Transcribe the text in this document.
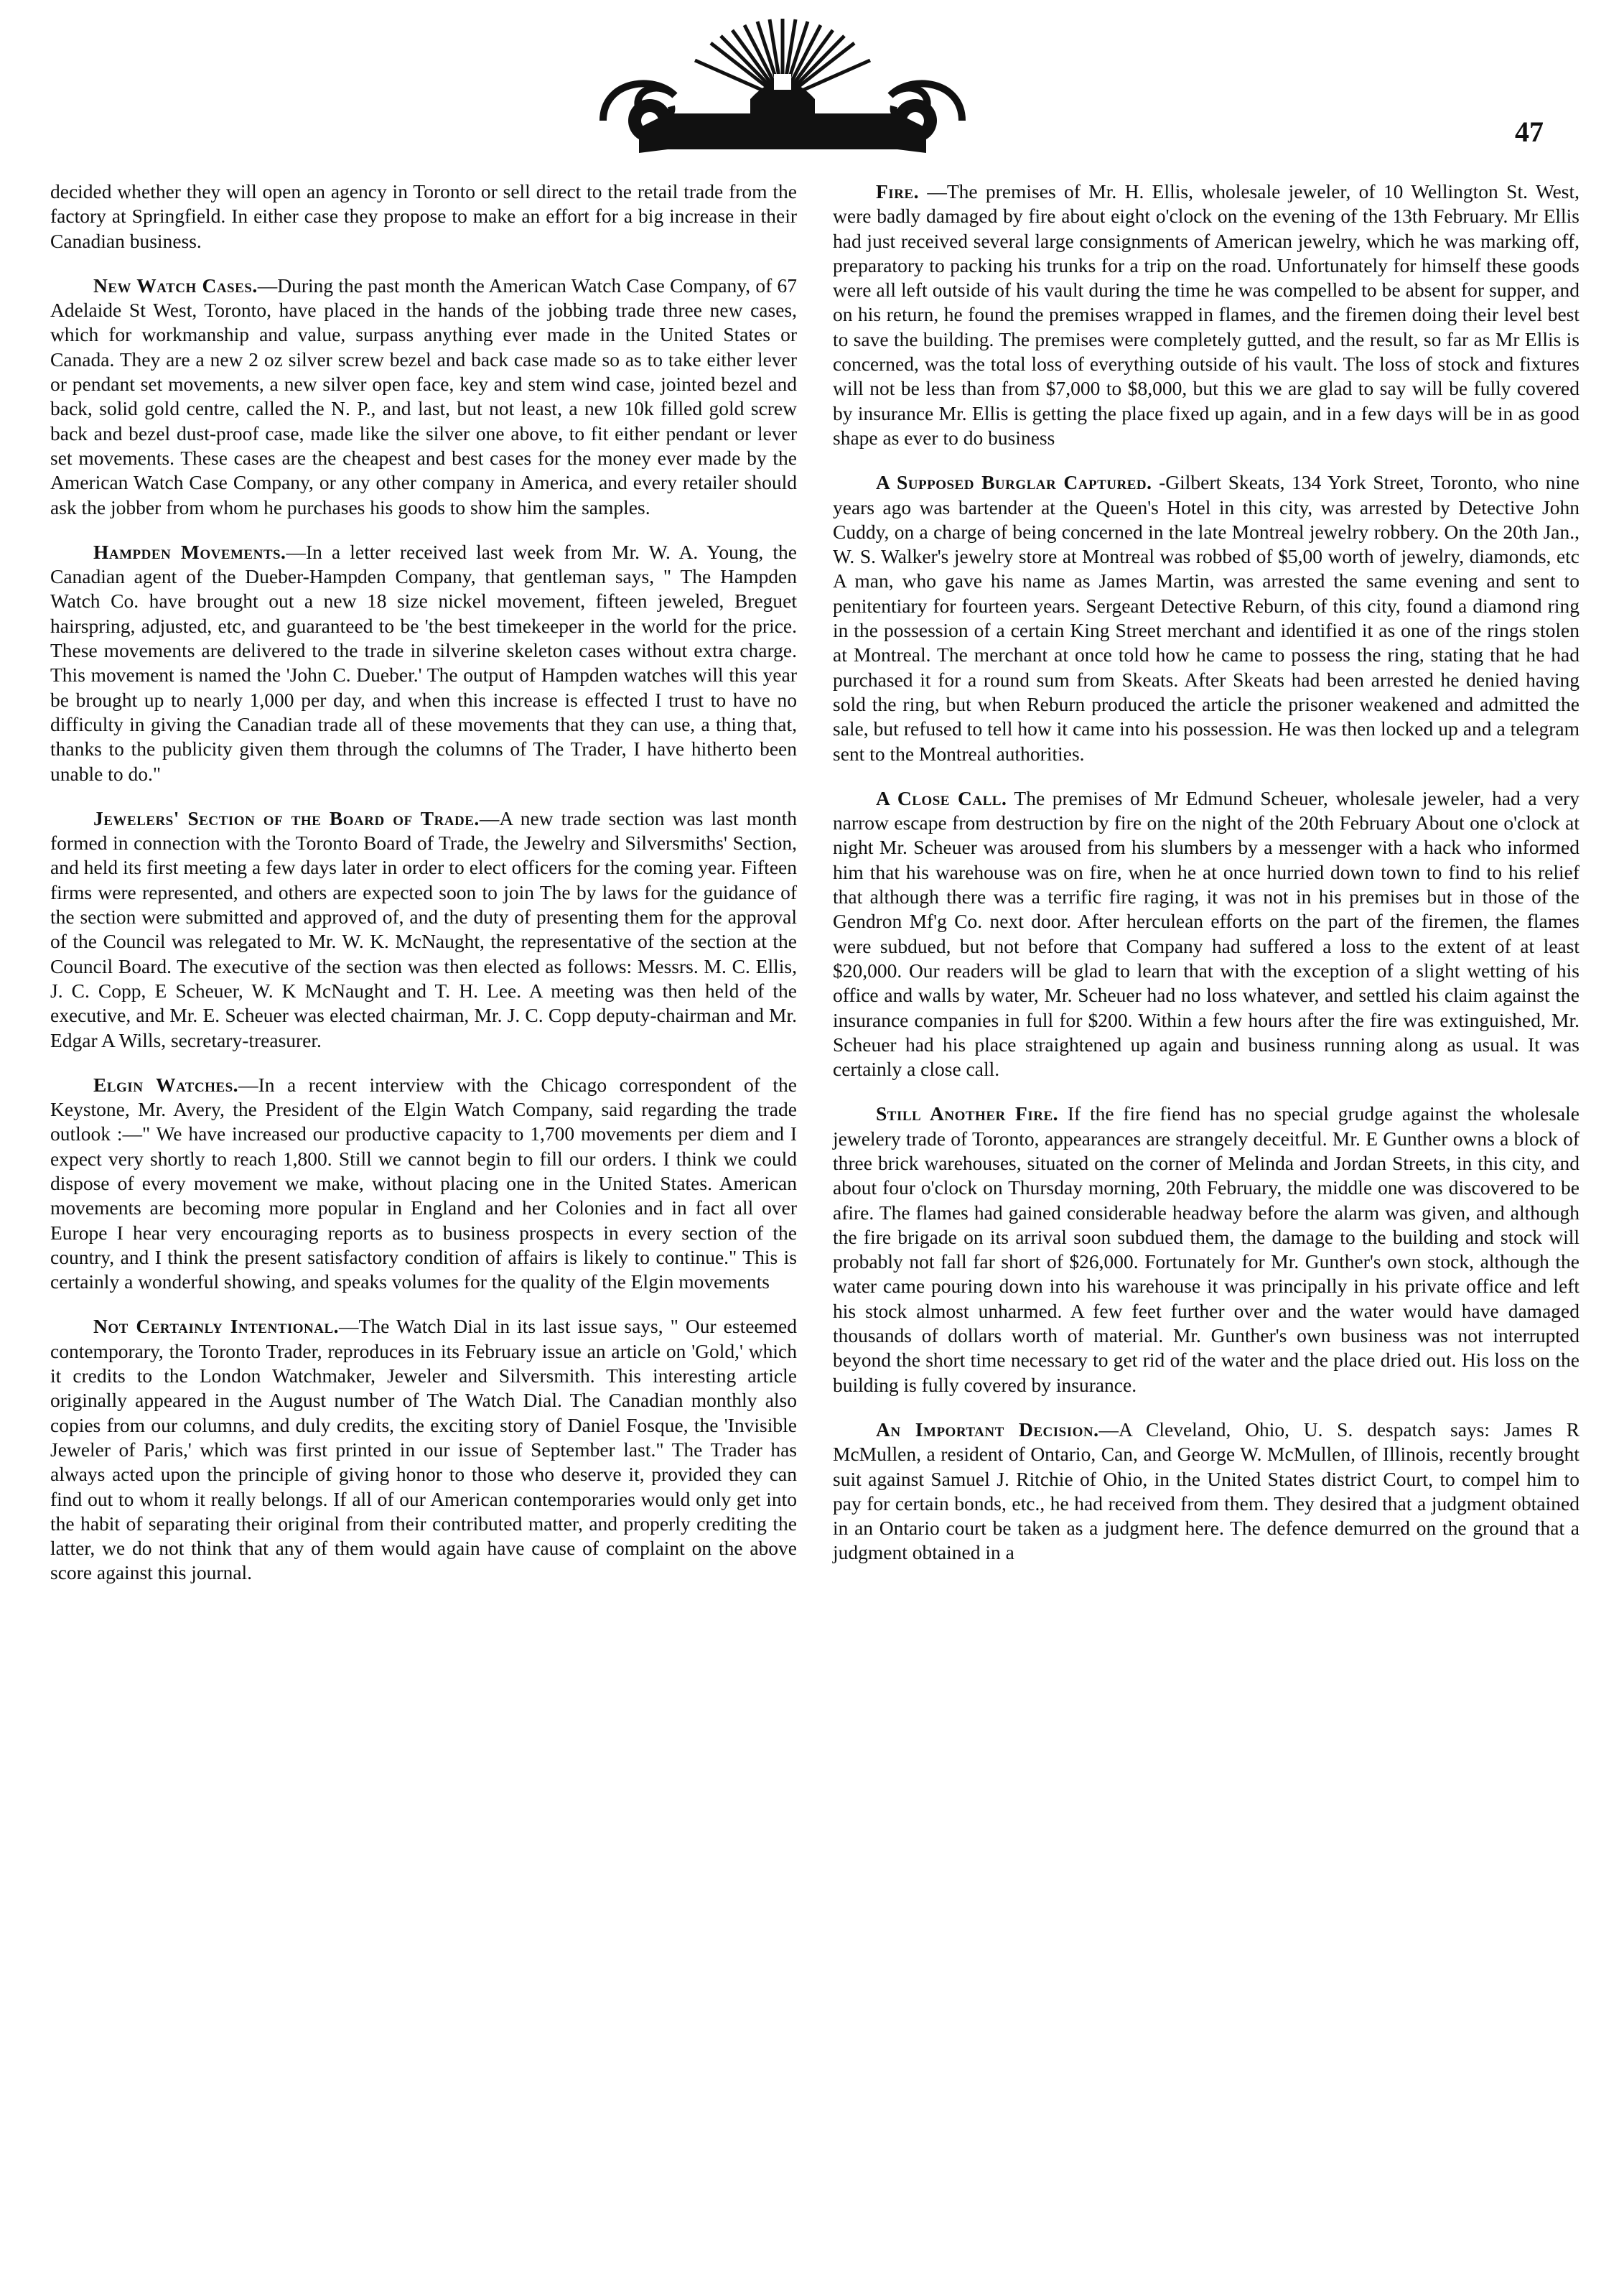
47

decided whether they will open an agency in Toronto or sell direct to the retail trade from the factory at Springfield. In either case they propose to make an effort for a big increase in their Canadian business.

New Watch Cases.—During the past month the American Watch Case Company, of 67 Adelaide St West, Toronto, have placed in the hands of the jobbing trade three new cases, which for workmanship and value, surpass anything ever made in the United States or Canada. They are a new 2 oz silver screw bezel and back case made so as to take either lever or pendant set movements, a new silver open face, key and stem wind case, jointed bezel and back, solid gold centre, called the N. P., and last, but not least, a new 10k filled gold screw back and bezel dust-proof case, made like the silver one above, to fit either pendant or lever set movements. These cases are the cheapest and best cases for the money ever made by the American Watch Case Company, or any other company in America, and every retailer should ask the jobber from whom he purchases his goods to show him the samples.

Hampden Movements.—In a letter received last week from Mr. W. A. Young, the Canadian agent of the Dueber-Hampden Company, that gentleman says, " The Hampden Watch Co. have brought out a new 18 size nickel movement, fifteen jeweled, Breguet hairspring, adjusted, etc, and guaranteed to be 'the best timekeeper in the world for the price. These movements are delivered to the trade in silverine skeleton cases without extra charge. This movement is named the 'John C. Dueber.' The output of Hampden watches will this year be brought up to nearly 1,000 per day, and when this increase is effected I trust to have no difficulty in giving the Canadian trade all of these movements that they can use, a thing that, thanks to the publicity given them through the columns of The Trader, I have hitherto been unable to do."

Jewelers' Section of the Board of Trade.—A new trade section was last month formed in connection with the Toronto Board of Trade, the Jewelry and Silversmiths' Section, and held its first meeting a few days later in order to elect officers for the coming year. Fifteen firms were represented, and others are expected soon to join The by laws for the guidance of the section were submitted and approved of, and the duty of presenting them for the approval of the Council was relegated to Mr. W. K. McNaught, the representative of the section at the Council Board. The executive of the section was then elected as follows: Messrs. M. C. Ellis, J. C. Copp, E Scheuer, W. K McNaught and T. H. Lee. A meeting was then held of the executive, and Mr. E. Scheuer was elected chairman, Mr. J. C. Copp deputy-chairman and Mr. Edgar A Wills, secretary-treasurer.

Elgin Watches.—In a recent interview with the Chicago correspondent of the Keystone, Mr. Avery, the President of the Elgin Watch Company, said regarding the trade outlook :—" We have increased our productive capacity to 1,700 movements per diem and I expect very shortly to reach 1,800. Still we cannot begin to fill our orders. I think we could dispose of every movement we make, without placing one in the United States. American movements are becoming more popular in England and her Colonies and in fact all over Europe I hear very encouraging reports as to business prospects in every section of the country, and I think the present satisfactory condition of affairs is likely to continue." This is certainly a wonderful showing, and speaks volumes for the quality of the Elgin movements

Not Certainly Intentional.—The Watch Dial in its last issue says, " Our esteemed contemporary, the Toronto Trader, reproduces in its February issue an article on 'Gold,' which it credits to the London Watchmaker, Jeweler and Silversmith. This interesting article originally appeared in the August number of The Watch Dial. The Canadian monthly also copies from our columns, and duly credits, the exciting story of Daniel Fosque, the 'Invisible Jeweler of Paris,' which was first printed in our issue of September last." The Trader has always acted upon the principle of giving honor to those who deserve it, provided they can find out to whom it really belongs. If all of our American contemporaries would only get into the habit of separating their original from their contributed matter, and properly crediting the latter, we do not think that any of them would again have cause of complaint on the above score against this journal.

Fire. —The premises of Mr. H. Ellis, wholesale jeweler, of 10 Wellington St. West, were badly damaged by fire about eight o'clock on the evening of the 13th February. Mr Ellis had just received several large consignments of American jewelry, which he was marking off, preparatory to packing his trunks for a trip on the road. Unfortunately for himself these goods were all left outside of his vault during the time he was compelled to be absent for supper, and on his return, he found the premises wrapped in flames, and the firemen doing their level best to save the building. The premises were completely gutted, and the result, so far as Mr Ellis is concerned, was the total loss of everything outside of his vault. The loss of stock and fixtures will not be less than from $7,000 to $8,000, but this we are glad to say will be fully covered by insurance Mr. Ellis is getting the place fixed up again, and in a few days will be in as good shape as ever to do business

A Supposed Burglar Captured. -Gilbert Skeats, 134 York Street, Toronto, who nine years ago was bartender at the Queen's Hotel in this city, was arrested by Detective John Cuddy, on a charge of being concerned in the late Montreal jewelry robbery. On the 20th Jan., W. S. Walker's jewelry store at Montreal was robbed of $5,00 worth of jewelry, diamonds, etc A man, who gave his name as James Martin, was arrested the same evening and sent to penitentiary for fourteen years. Sergeant Detective Reburn, of this city, found a diamond ring in the possession of a certain King Street merchant and identified it as one of the rings stolen at Montreal. The merchant at once told how he came to possess the ring, stating that he had purchased it for a round sum from Skeats. After Skeats had been arrested he denied having sold the ring, but when Reburn produced the article the prisoner weakened and admitted the sale, but refused to tell how it came into his possession. He was then locked up and a telegram sent to the Montreal authorities.

A Close Call. The premises of Mr Edmund Scheuer, wholesale jeweler, had a very narrow escape from destruction by fire on the night of the 20th February About one o'clock at night Mr. Scheuer was aroused from his slumbers by a messenger with a hack who informed him that his warehouse was on fire, when he at once hurried down town to find to his relief that although there was a terrific fire raging, it was not in his premises but in those of the Gendron Mf'g Co. next door. After herculean efforts on the part of the firemen, the flames were subdued, but not before that Company had suffered a loss to the extent of at least $20,000. Our readers will be glad to learn that with the exception of a slight wetting of his office and walls by water, Mr. Scheuer had no loss whatever, and settled his claim against the insurance companies in full for $200. Within a few hours after the fire was extinguished, Mr. Scheuer had his place straightened up again and business running along as usual. It was certainly a close call.

Still Another Fire. If the fire fiend has no special grudge against the wholesale jewelery trade of Toronto, appearances are strangely deceitful. Mr. E Gunther owns a block of three brick warehouses, situated on the corner of Melinda and Jordan Streets, in this city, and about four o'clock on Thursday morning, 20th February, the middle one was discovered to be afire. The flames had gained considerable headway before the alarm was given, and although the fire brigade on its arrival soon subdued them, the damage to the building and stock will probably not fall far short of $26,000. Fortunately for Mr. Gunther's own stock, although the water came pouring down into his warehouse it was principally in his private office and left his stock almost unharmed. A few feet further over and the water would have damaged thousands of dollars worth of material. Mr. Gunther's own business was not interrupted beyond the short time necessary to get rid of the water and the place dried out. His loss on the building is fully covered by insurance.

An Important Decision.—A Cleveland, Ohio, U. S. despatch says: James R McMullen, a resident of Ontario, Can, and George W. McMullen, of Illinois, recently brought suit against Samuel J. Ritchie of Ohio, in the United States district Court, to compel him to pay for certain bonds, etc., he had received from them. They desired that a judgment obtained in an Ontario court be taken as a judgment here. The defence demurred on the ground that a judgment obtained in a
